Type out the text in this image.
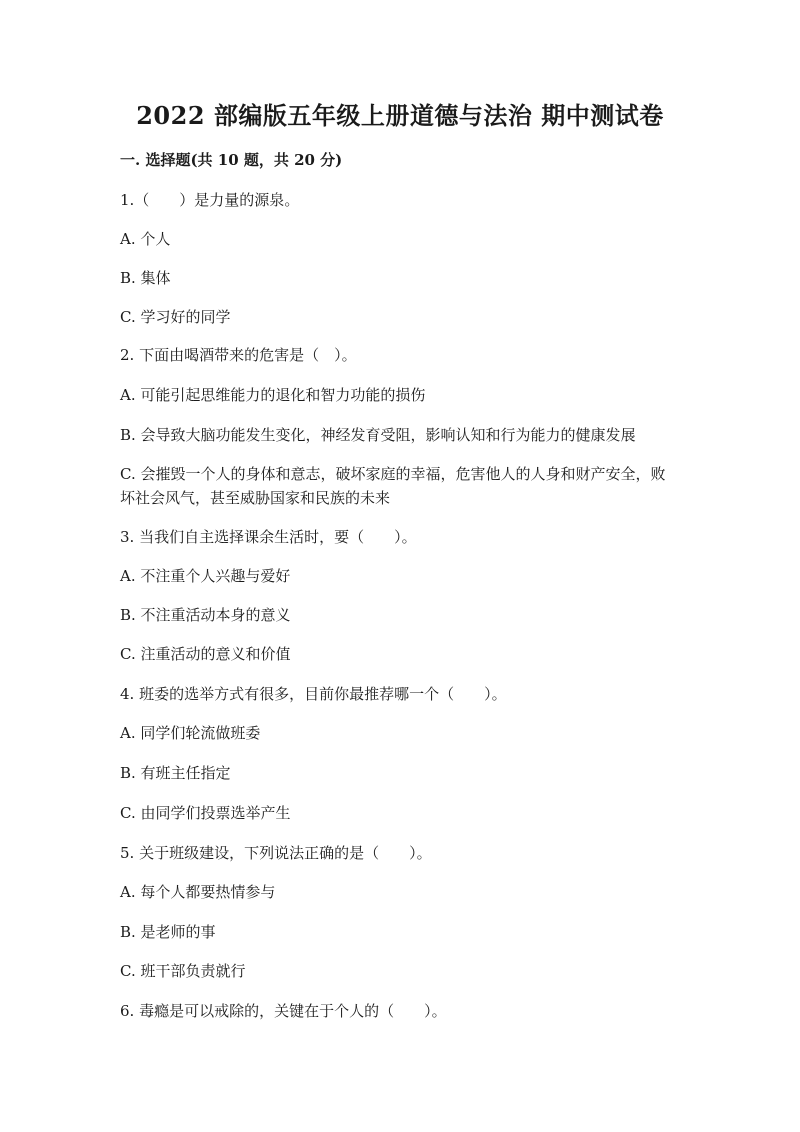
2022 部编版五年级上册道德与法治 期中测试卷
一. 选择题(共 10 题，共 20 分)
1.（　　）是力量的源泉。
A. 个人
B. 集体
C. 学习好的同学
2. 下面由喝酒带来的危害是（　）。
A. 可能引起思维能力的退化和智力功能的损伤
B. 会导致大脑功能发生变化，神经发育受阻，影响认知和行为能力的健康发展
C. 会摧毁一个人的身体和意志，破坏家庭的幸福，危害他人的人身和财产安全，败坏社会风气，甚至威胁国家和民族的未来
3. 当我们自主选择课余生活时，要（　　）。
A. 不注重个人兴趣与爱好
B. 不注重活动本身的意义
C. 注重活动的意义和价值
4. 班委的选举方式有很多，目前你最推荐哪一个（　　）。
A. 同学们轮流做班委
B. 有班主任指定
C. 由同学们投票选举产生
5. 关于班级建设，下列说法正确的是（　　）。
A. 每个人都要热情参与
B. 是老师的事
C. 班干部负责就行
6. 毒瘾是可以戒除的，关键在于个人的（　　）。
